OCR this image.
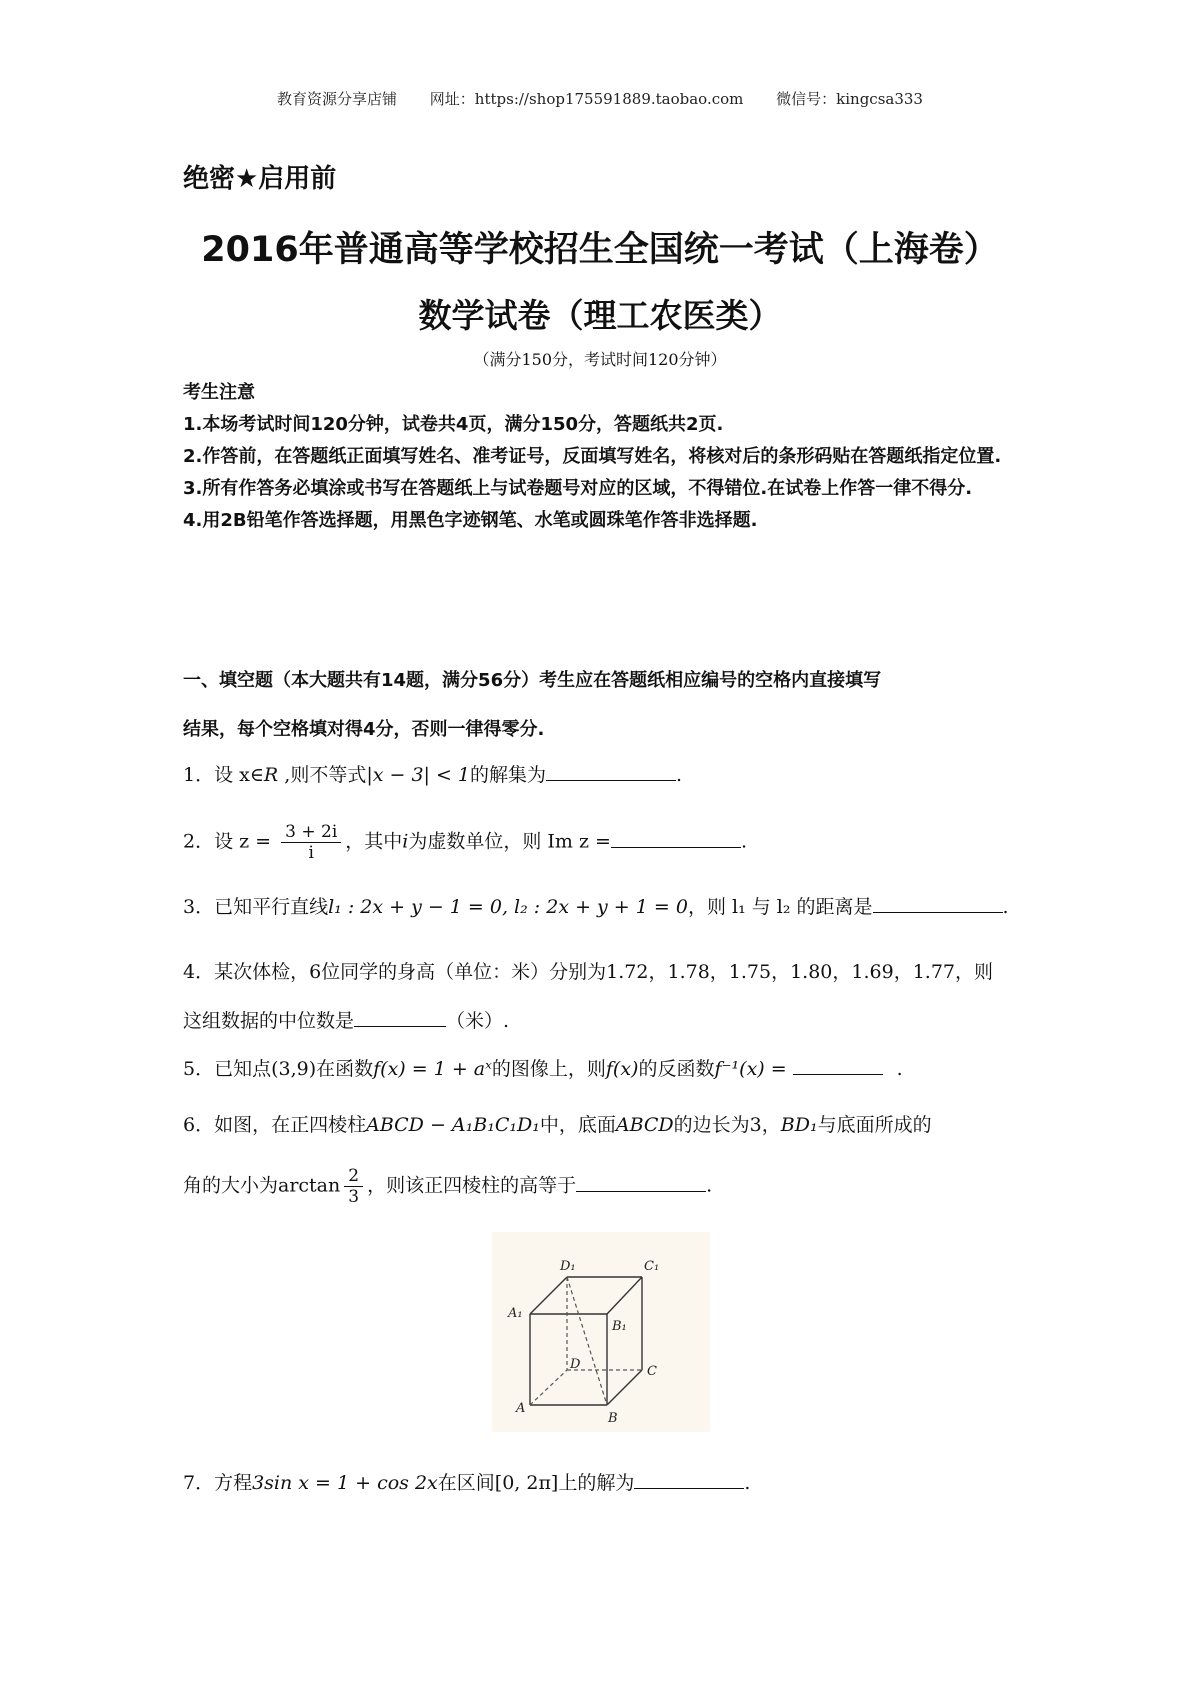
教育资源分享店铺 网址：https://shop175591889.taobao.com 微信号：kingcsa333
绝密★启用前
2016年普通高等学校招生全国统一考试（上海卷）
数学试卷（理工农医类）
（满分150分，考试时间120分钟）
考生注意
1.本场考试时间120分钟，试卷共4页，满分150分，答题纸共2页.
2.作答前，在答题纸正面填写姓名、准考证号，反面填写姓名，将核对后的条形码贴在答题纸指定位置.
3.所有作答务必填涂或书写在答题纸上与试卷题号对应的区域，不得错位.在试卷上作答一律不得分.
4.用2B铅笔作答选择题，用黑色字迹钢笔、水笔或圆珠笔作答非选择题.
一、填空题（本大题共有14题，满分56分）考生应在答题纸相应编号的空格内直接填写
结果，每个空格填对得4分，否则一律得零分.
1．设 x∈R ,则不等式|x − 3| < 1的解集为	.
2．设 $z = \frac{3 + 2i}{i}$ ，其中i为虚数单位，则 Im z =	.
3．已知平行直线l₁ : 2x + y − 1 = 0, l₂ : 2x + y + 1 = 0，则 l₁ 与 l₂ 的距离是	.
4．某次体检，6位同学的身高（单位：米）分别为1.72，1.78，1.75，1.80，1.69，1.77，则
这组数据的中位数是	（米）.
5．已知点(3,9)在函数f(x) = 1 + aˣ的图像上，则f(x)的反函数f⁻¹(x) =	.
6．如图，在正四棱柱ABCD − A₁B₁C₁D₁中，底面ABCD的边长为3，BD₁与底面所成的
角的大小为$\arctan \frac{2}{3}$ ，则该正四棱柱的高等于	.
D₁	C₁
A₁
B₁
D	C
A
B
7．方程3sin x = 1 + cos 2x在区间[0, 2π]上的解为	.
